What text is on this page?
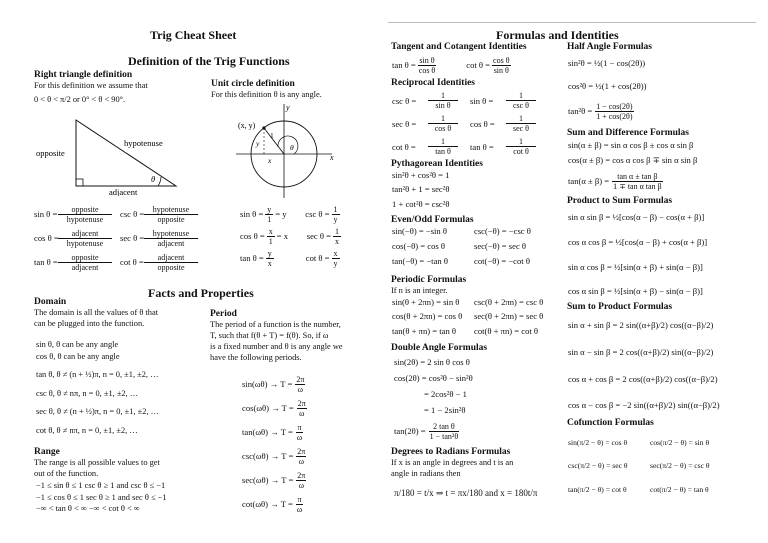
Trig Cheat Sheet	Formulas and Identities
Definition of the Trig Functions
Facts and Properties
Right triangle definition
For this definition we assume that
0 < θ < π/2 or 0° < θ < 90°.
hypotenuse
opposite
adjacent
θ
$\sin \theta = \frac{\text{opposite}}{\text{hypotenuse}}$ $\csc \theta = \frac{\text{hypotenuse}}{\text{opposite}}$
$\cos \theta = \frac{\text{adjacent}}{\text{hypotenuse}}$ $\sec \theta = \frac{\text{hypotenuse}}{\text{adjacent}}$
$\tan \theta = \frac{\text{opposite}}{\text{adjacent}}$ $\cot \theta = \frac{\text{adjacent}}{\text{opposite}}$
Unit circle definition
For this definition θ is any angle.
(x, y)
y
x
1
y
x
θ
$\sin \theta = \frac{y}{1} = y$	$\csc \theta = \frac{1}{y}$
$\cos \theta = \frac{x}{1} = x$	$\sec \theta = \frac{1}{x}$
$\tan \theta = \frac{y}{x}$	$\cot \theta = \frac{x}{y}$
Domain
The domain is all the values of θ that
can be plugged into the function.
sin θ, θ can be any angle
cos θ, θ can be any angle
tan θ, θ ≠ (n + ½)π, n = 0, ±1, ±2, …
csc θ, θ ≠ nπ, n = 0, ±1, ±2, …
sec θ, θ ≠ (n + ½)π, n = 0, ±1, ±2, …
cot θ, θ ≠ nπ, n = 0, ±1, ±2, …
Range
The range is all possible values to get
out of the function.
−1 ≤ sin θ ≤ 1 csc θ ≥ 1 and csc θ ≤ −1
−1 ≤ cos θ ≤ 1 sec θ ≥ 1 and sec θ ≤ −1
−∞ < tan θ < ∞ −∞ < cot θ < ∞
Period
The period of a function is the number,
T, such that f(θ + T) = f(θ). So, if ω
is a fixed number and θ is any angle we
have the following periods.
$\sin(\omega\theta) \to T = \frac{2\pi}{\omega}$
$\cos(\omega\theta) \to T = \frac{2\pi}{\omega}$
$\tan(\omega\theta) \to T = \frac{\pi}{\omega}$
$\csc(\omega\theta) \to T = \frac{2\pi}{\omega}$
$\sec(\omega\theta) \to T = \frac{2\pi}{\omega}$
$\cot(\omega\theta) \to T = \frac{\pi}{\omega}$
Tangent and Cotangent Identities
$\tan \theta = \frac{\text{sin θ}}{\text{cos θ}}$	$\cot \theta = \frac{\text{cos θ}}{\text{sin θ}}$
Reciprocal Identities
csc θ =	$\frac{1}{\text{sin θ}}$ sin θ =	$\frac{1}{\text{csc θ}}$
sec θ =	$\frac{1}{\text{cos θ}}$ cos θ =	$\frac{1}{\text{sec θ}}$
cot θ =	$\frac{1}{\text{tan θ}}$ tan θ =	$\frac{1}{\text{cot θ}}$
Pythagorean Identities
sin²θ + cos²θ = 1
tan²θ + 1 = sec²θ
1 + cot²θ = csc²θ
Even/Odd Formulas
sin(−θ) = −sin θ	csc(−θ) = −csc θ
cos(−θ) = cos θ	sec(−θ) = sec θ
tan(−θ) = −tan θ	cot(−θ) = −cot θ
Periodic Formulas
If n is an integer.
sin(θ + 2πn) = sin θ csc(θ + 2πn) = csc θ
cos(θ + 2πn) = cos θ sec(θ + 2πn) = sec θ
tan(θ + πn) = tan θ cot(θ + πn) = cot θ
Double Angle Formulas
sin(2θ) = 2 sin θ cos θ
cos(2θ) = cos²θ − sin²θ
= 2cos²θ − 1
= 1 − 2sin²θ
$\tan(2\theta) = \frac{\text{2 tan θ}}{\text{1 − tan²θ}}$
Degrees to Radians Formulas
If x is an angle in degrees and t is an
angle in radians then
π/180 = t/x ⇒ t = πx/180 and x = 180t/π
Half Angle Formulas
sin²θ = ½(1 − cos(2θ))
cos²θ = ½(1 + cos(2θ))
$\tan^2\theta = \frac{1 - \cos(2\theta)}{1 + \cos(2\theta)}$
Sum and Difference Formulas
sin(α ± β) = sin α cos β ± cos α sin β
cos(α ± β) = cos α cos β ∓ sin α sin β
$\tan(\alpha \pm \beta) = \frac{\text{tan α ± tan β}}{\text{1 ∓ tan α tan β}}$
Product to Sum Formulas
sin α sin β = ½[cos(α − β) − cos(α + β)]
cos α cos β = ½[cos(α − β) + cos(α + β)]
sin α cos β = ½[sin(α + β) + sin(α − β)]
cos α sin β = ½[sin(α + β) − sin(α − β)]
Sum to Product Formulas
sin α + sin β = 2 sin((α+β)/2) cos((α−β)/2)
sin α − sin β = 2 cos((α+β)/2) sin((α−β)/2)
cos α + cos β = 2 cos((α+β)/2) cos((α−β)/2)
cos α − cos β = −2 sin((α+β)/2) sin((α−β)/2)
Cofunction Formulas
sin(π/2 − θ) = cos θ	cos(π/2 − θ) = sin θ
csc(π/2 − θ) = sec θ	sec(π/2 − θ) = csc θ
tan(π/2 − θ) = cot θ	cot(π/2 − θ) = tan θ
